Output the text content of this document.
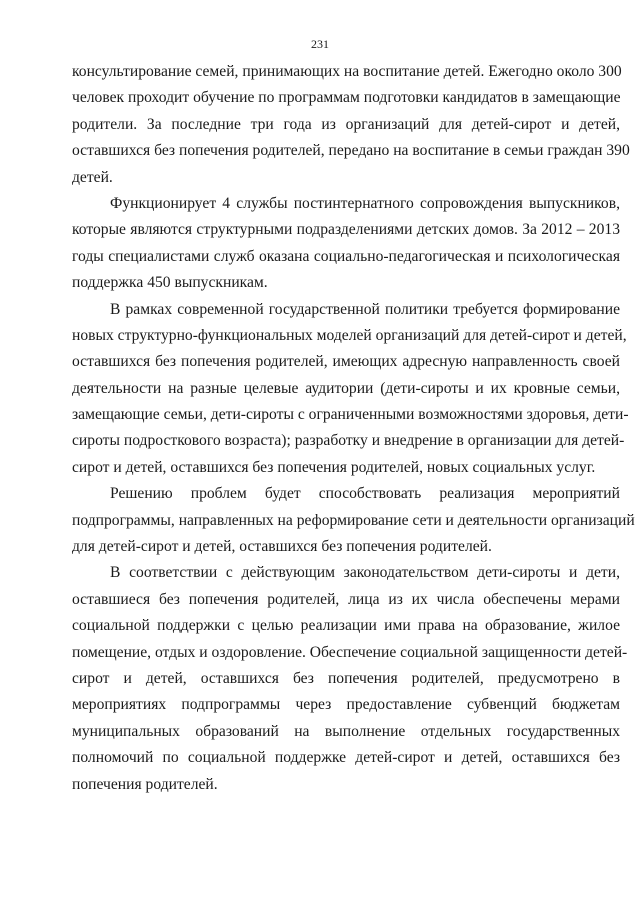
231
консультирование семей, принимающих на воспитание детей. Ежегодно около 300
человек проходит обучение по программам подготовки кандидатов в замещающие
родители. За последние три года из организаций для детей-сирот и детей,
оставшихся без попечения родителей, передано на воспитание в семьи граждан 390
детей.
Функционирует 4 службы постинтернатного сопровождения выпускников,
которые являются структурными подразделениями детских домов. За 2012 – 2013
годы специалистами служб оказана социально-педагогическая и психологическая
поддержка 450 выпускникам.
В рамках современной государственной политики требуется формирование
новых структурно-функциональных моделей организаций для детей-сирот и детей,
оставшихся без попечения родителей, имеющих адресную направленность своей
деятельности на разные целевые аудитории (дети-сироты и их кровные семьи,
замещающие семьи, дети-сироты с ограниченными возможностями здоровья, дети-
сироты подросткового возраста); разработку и внедрение в организации для детей-
сирот и детей, оставшихся без попечения родителей, новых социальных услуг.
Решению проблем будет способствовать реализация мероприятий
подпрограммы, направленных на реформирование сети и деятельности организаций
для детей-сирот и детей, оставшихся без попечения родителей.
В соответствии с действующим законодательством дети-сироты и дети,
оставшиеся без попечения родителей, лица из их числа обеспечены мерами
социальной поддержки с целью реализации ими права на образование, жилое
помещение, отдых и оздоровление. Обеспечение социальной защищенности детей-
сирот и детей, оставшихся без попечения родителей, предусмотрено в
мероприятиях подпрограммы через предоставление субвенций бюджетам
муниципальных образований на выполнение отдельных государственных
полномочий по социальной поддержке детей-сирот и детей, оставшихся без
попечения родителей.
